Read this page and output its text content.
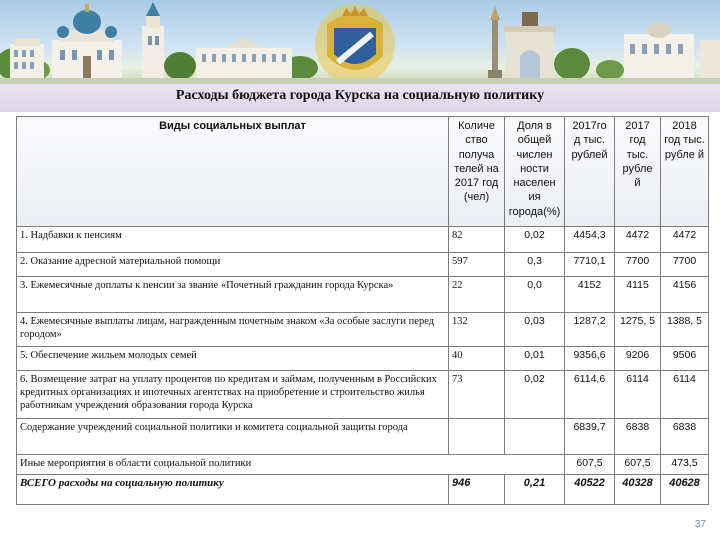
Расходы бюджета города Курска на социальную политику
Виды социальных выплат	Количе ство получа телей на 2017 год (чел)	Доля в общей числен ности населен ия города(%)	2017го д тыс. рублей	2017 год тыс. рубле й	2018 год тыс. рубле й
1. Надбавки к пенсиям	82	0,02	4454,3	4472	4472
2. Оказание адресной материальной помощи	597	0,3	7710,1	7700	7700
3. Ежемесячные доплаты к пенсии за звание «Почетный гражданин города Курска»	22	0,0	4152	4115	4156
4. Ежемесячные выплаты лицам, награжденным почетным знаком «За особые заслуги перед городом»	132	0,03	1287,2	1275, 5	1388, 5
5. Обеспечение жильем молодых семей	40	0,01	9356,6	9206	9506
6. Возмещение затрат на уплату процентов по кредитам и займам, полученным в Российских кредитных организациях и ипотечных агентствах на приобретение и строительство жилья работникам учреждения образования города Курска	73	0,02	6114,6	6114	6114
Содержание учреждений социальной политики и комитета социальной защиты города			6839,7	6838	6838
Иные мероприятия в области социальной политики			607,5	607,5	473,5
ВСЕГО расходы на социальную политику	946	0,21	40522	40328	40628
37
